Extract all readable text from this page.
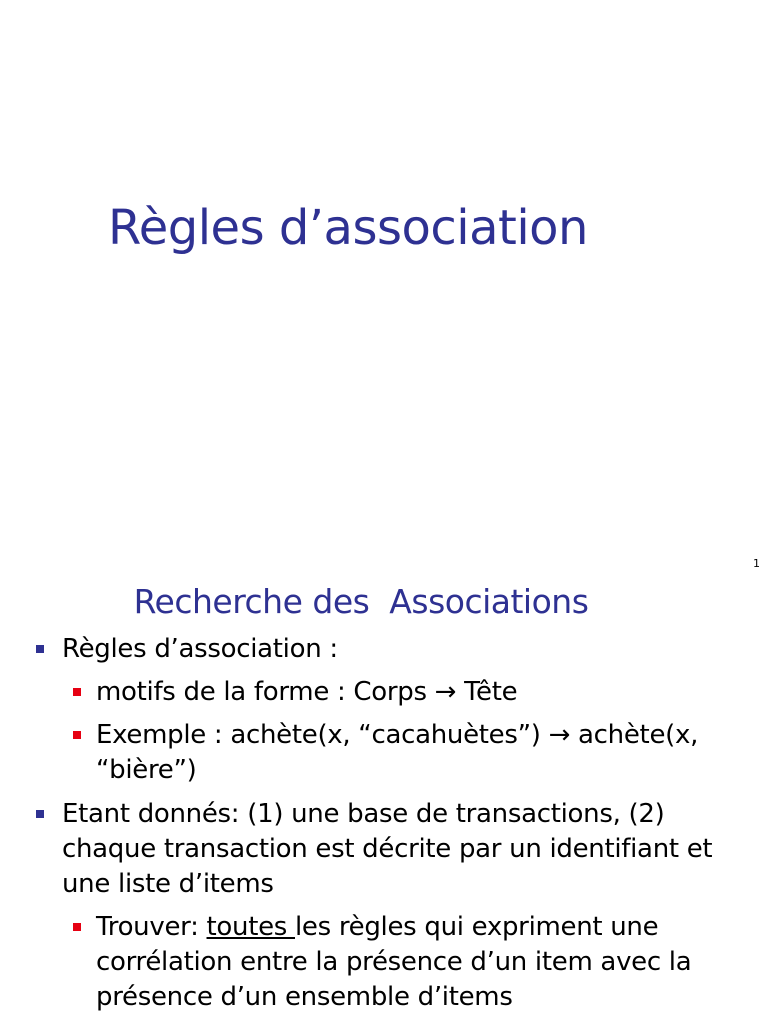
Règles d’association
1
Recherche des  Associations
Règles d’association :
motifs de la forme : Corps → Tête
Exemple : achète(x, “cacahuètes”) → achète(x, “bière”)
Etant donnés: (1) une base de transactions, (2) chaque transaction est décrite par un identifiant et une liste d’items
Trouver: toutes les règles qui expriment une corrélation entre la présence d’un item avec la présence d’un ensemble d’items
